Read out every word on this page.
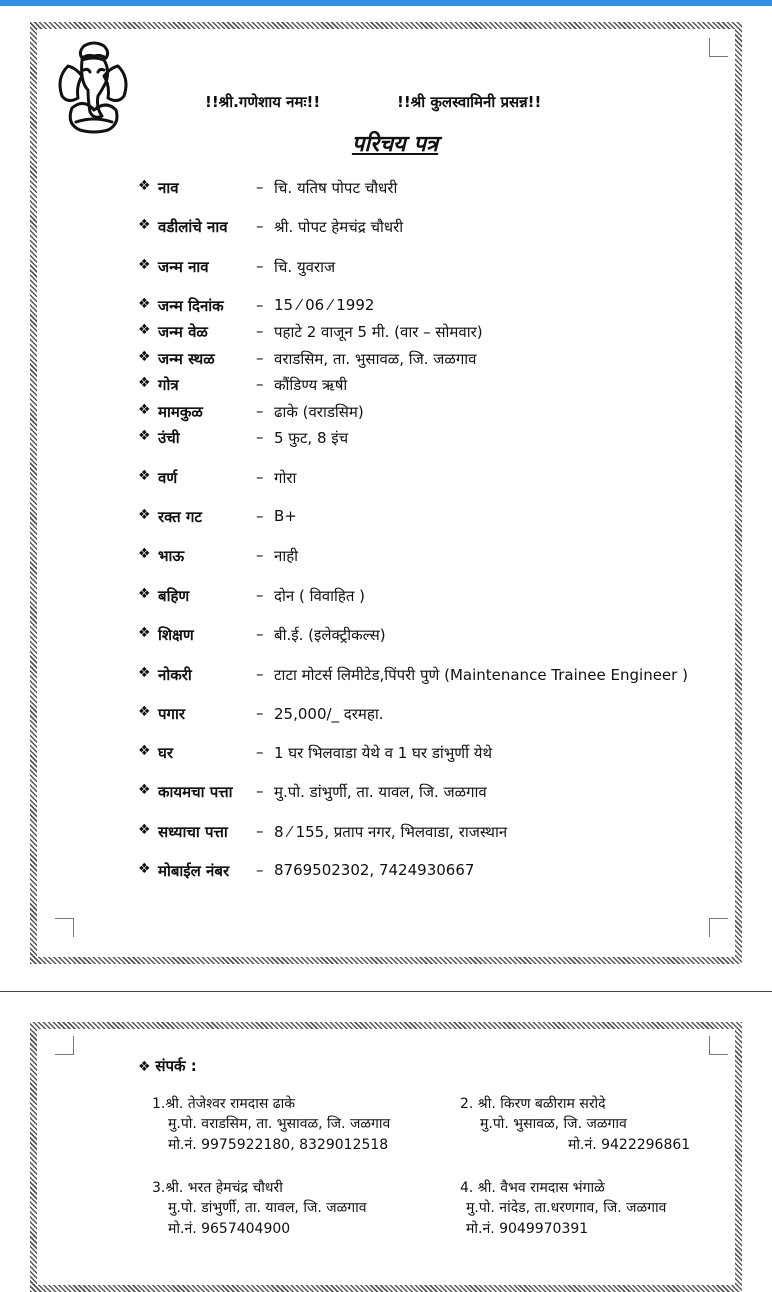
!!श्री.गणेशाय नमः!!	!!श्री कुलस्वामिनी प्रसन्न!!
परिचय पत्र
❖ नाव	– चि. यतिष पोपट चौधरी
❖ वडीलांचे नाव – श्री. पोपट हेमचंद्र चौधरी
❖ जन्म नाव	– चि. युवराज
❖ जन्म दिनांक – 15 ⁄ 06 ⁄ 1992
❖ जन्म वेळ	– पहाटे 2 वाजून 5 मी. (वार – सोमवार)
❖ जन्म स्थळ	– वराडसिम, ता. भुसावळ, जि. जळगाव
❖ गोत्र	– कौंडिण्य ऋषी
❖ मामकुळ	– ढाके (वराडसिम)
❖ उंची	– 5 फुट, 8 इंच
❖ वर्ण	– गोरा
❖ रक्त गट	– B+
❖ भाऊ	– नाही
❖ बहिण	– दोन ( विवाहित )
❖ शिक्षण	– बी.ई. (इलेक्ट्रीकल्स)
❖ नोकरी	– टाटा मोटर्स लिमीटेड,पिंपरी पुणे (Maintenance Trainee Engineer )
❖ पगार	– 25,000/_ दरमहा.
❖ घर	– 1 घर भिलवाडा येथे व 1 घर डांभुर्णी येथे
❖ कायमचा पत्ता – मु.पो. डांभुर्णी, ता. यावल, जि. जळगाव
❖ सध्याचा पत्ता – 8 ⁄ 155, प्रताप नगर, भिलवाडा, राजस्थान
❖ मोबाईल नंबर – 8769502302, 7424930667
❖ संपर्क :
1.श्री. तेजेश्वर रामदास ढाके
मु.पो. वराडसिम, ता. भुसावळ, जि. जळगाव
मो.नं. 9975922180, 8329012518
2. श्री. किरण बळीराम सरोदे
मु.पो. भुसावळ, जि. जळगाव
मो.नं. 9422296861
3.श्री. भरत हेमचंद्र चौधरी
मु.पो. डांभुर्णी, ता. यावल, जि. जळगाव
मो.नं. 9657404900
4. श्री. वैभव रामदास भंगाळे
मु.पो. नांदेड, ता.धरणगाव, जि. जळगाव
मो.नं. 9049970391
